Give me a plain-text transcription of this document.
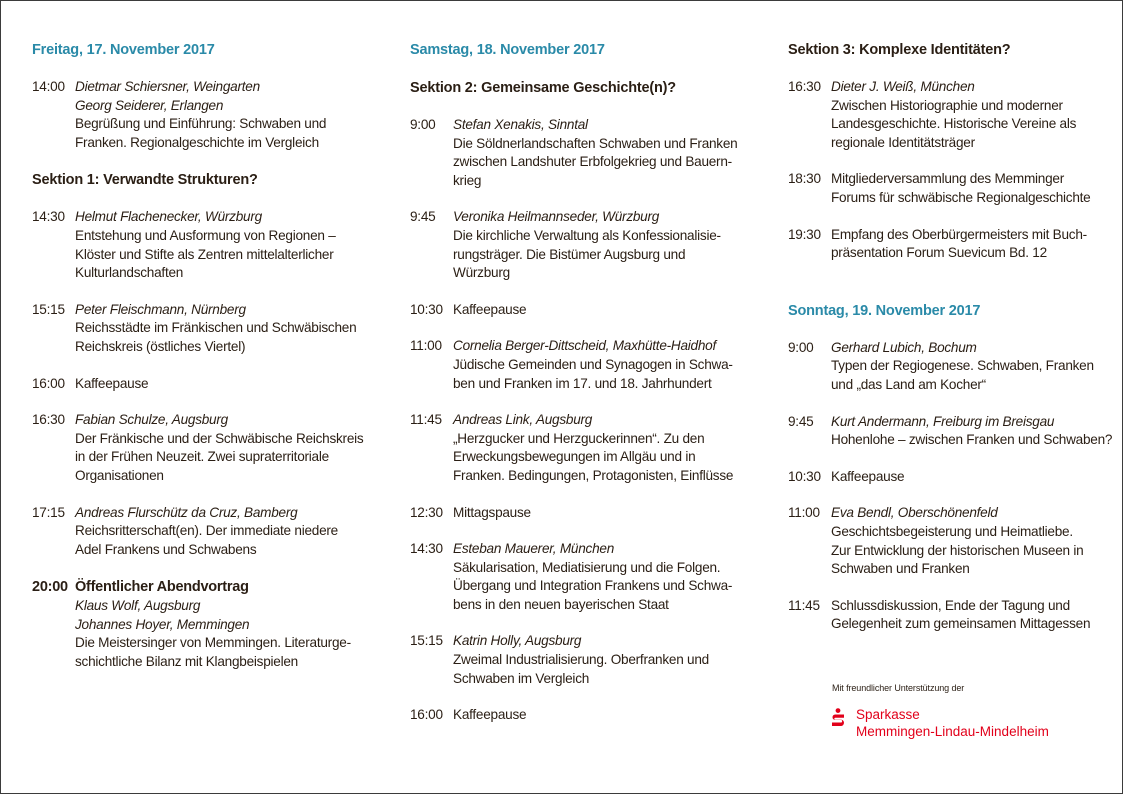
Freitag, 17. November 2017
14:00 Dietmar Schiersner, Weingarten
Georg Seiderer, Erlangen
Begrüßung und Einführung: Schwaben und
Franken. Regionalgeschichte im Vergleich
Sektion 1: Verwandte Strukturen?
14:30 Helmut Flachenecker, Würzburg
Entstehung und Ausformung von Regionen –
Klöster und Stifte als Zentren mittelalterlicher
Kulturlandschaften
15:15 Peter Fleischmann, Nürnberg
Reichsstädte im Fränkischen und Schwäbischen
Reichskreis (östliches Viertel)
16:00 Kaffeepause
16:30 Fabian Schulze, Augsburg
Der Fränkische und der Schwäbische Reichskreis
in der Frühen Neuzeit. Zwei supraterritoriale
Organisationen
17:15 Andreas Flurschütz da Cruz, Bamberg
Reichsritterschaft(en). Der immediate niedere
Adel Frankens und Schwabens
20:00 Öffentlicher Abendvortrag
Klaus Wolf, Augsburg
Johannes Hoyer, Memmingen
Die Meistersinger von Memmingen. Literaturge-
schichtliche Bilanz mit Klangbeispielen
Samstag, 18. November 2017
Sektion 2: Gemeinsame Geschichte(n)?
9:00	Stefan Xenakis, Sinntal
Die Söldnerlandschaften Schwaben und Franken
zwischen Landshuter Erbfolgekrieg und Bauern-
krieg
9:45	Veronika Heilmannseder, Würzburg
Die kirchliche Verwaltung als Konfessionalisie-
rungsträger. Die Bistümer Augsburg und
Würzburg
10:30 Kaffeepause
11:00 Cornelia Berger-Dittscheid, Maxhütte-Haidhof
Jüdische Gemeinden und Synagogen in Schwa-
ben und Franken im 17. und 18. Jahrhundert
11:45 Andreas Link, Augsburg
„Herzgucker und Herzguckerinnen“. Zu den
Erweckungsbewegungen im Allgäu und in
Franken. Bedingungen, Protagonisten, Einflüsse
12:30 Mittagspause
14:30 Esteban Mauerer, München
Säkularisation, Mediatisierung und die Folgen.
Übergang und Integration Frankens und Schwa-
bens in den neuen bayerischen Staat
15:15 Katrin Holly, Augsburg
Zweimal Industrialisierung. Oberfranken und
Schwaben im Vergleich
16:00 Kaffeepause
Sektion 3: Komplexe Identitäten?
16:30 Dieter J. Weiß, München
Zwischen Historiographie und moderner
Landesgeschichte. Historische Vereine als
regionale Identitätsträger
18:30 Mitgliederversammlung des Memminger
Forums für schwäbische Regionalgeschichte
19:30 Empfang des Oberbürgermeisters mit Buch-
präsentation Forum Suevicum Bd. 12
Sonntag, 19. November 2017
9:00	Gerhard Lubich, Bochum
Typen der Regiogenese. Schwaben, Franken
und „das Land am Kocher“
9:45	Kurt Andermann, Freiburg im Breisgau
Hohenlohe – zwischen Franken und Schwaben?
10:30 Kaffeepause
11:00 Eva Bendl, Oberschönenfeld
Geschichtsbegeisterung und Heimatliebe.
Zur Entwicklung der historischen Museen in
Schwaben und Franken
11:45 Schlussdiskussion, Ende der Tagung und
Gelegenheit zum gemeinsamen Mittagessen
Mit freundlicher Unterstützung der
Sparkasse
Memmingen-Lindau-Mindelheim
